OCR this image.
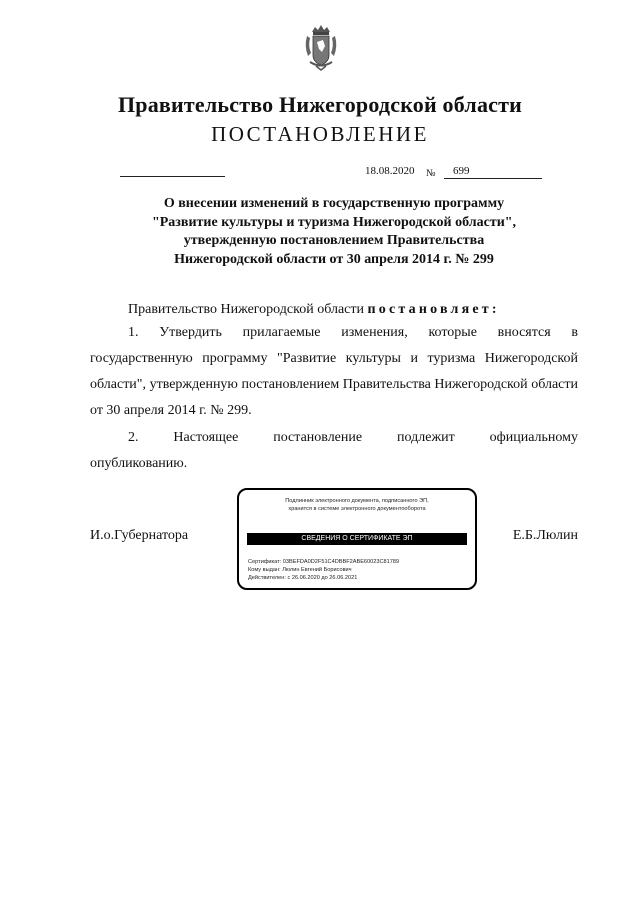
Правительство Нижегородской области
ПОСТАНОВЛЕНИЕ
18.08.2020 №	699
О внесении изменений в государственную программу
"Развитие культуры и туризма Нижегородской области",
утвержденную постановлением Правительства
Нижегородской области от 30 апреля 2014 г. № 299
Правительство Нижегородской области постановляет:
1. Утвердить прилагаемые изменения, которые вносятся в
государственную программу "Развитие культуры и туризма Нижегородской области", утвержденную постановлением Правительства Нижегородской области от 30 апреля 2014 г. № 299.
2. Настоящее постановление подлежит официальному
опубликованию.
И.о.Губернатора	Е.Б.Люлин
Подлинник электронного документа, подписанного ЭП,
хранится в системе электронного документооборота
СВЕДЕНИЯ О СЕРТИФИКАТЕ ЭП
Сертификат: 03BEFDA0D2F51C4DBBF2ABE60023C81789
Кому выдан: Люлин Евгений Борисович
Действителен: с 26.06.2020 до 26.06.2021
